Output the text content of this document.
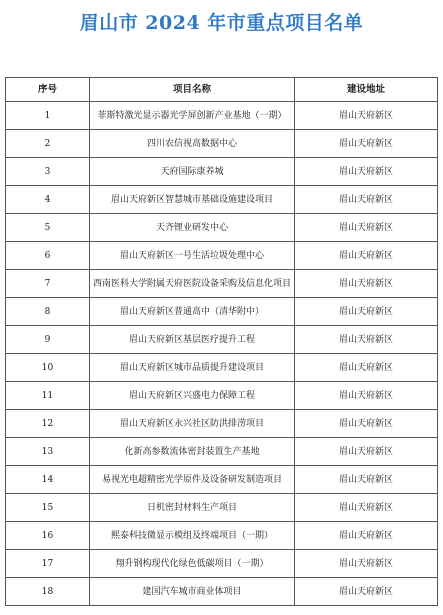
眉山市 2024 年市重点项目名单
序号	项目名称	建设地址
1	菲斯特激光显示器光学屏创新产业基地（一期）	眉山天府新区
2	四川农信视高数据中心	眉山天府新区
3	天府国际康养城	眉山天府新区
4	眉山天府新区智慧城市基础设施建设项目	眉山天府新区
5	天齐锂业研发中心	眉山天府新区
6	眉山天府新区一号生活垃圾处理中心	眉山天府新区
7	西南医科大学附属天府医院设备采购及信息化项目	眉山天府新区
8	眉山天府新区普通高中（清华附中）	眉山天府新区
9	眉山天府新区基层医疗提升工程	眉山天府新区
10	眉山天府新区城市品质提升建设项目	眉山天府新区
11	眉山天府新区兴盛电力保障工程	眉山天府新区
12	眉山天府新区永兴社区防洪排涝项目	眉山天府新区
13	化新高参数流体密封装置生产基地	眉山天府新区
14	易视光电超精密光学原件及设备研发制造项目	眉山天府新区
15	日机密封材料生产项目	眉山天府新区
16	熙泰科技微显示模组及终端项目（一期）	眉山天府新区
17	翔升钢构现代化绿色低碳项目（一期）	眉山天府新区
18	建国汽车城市商业体项目	眉山天府新区
